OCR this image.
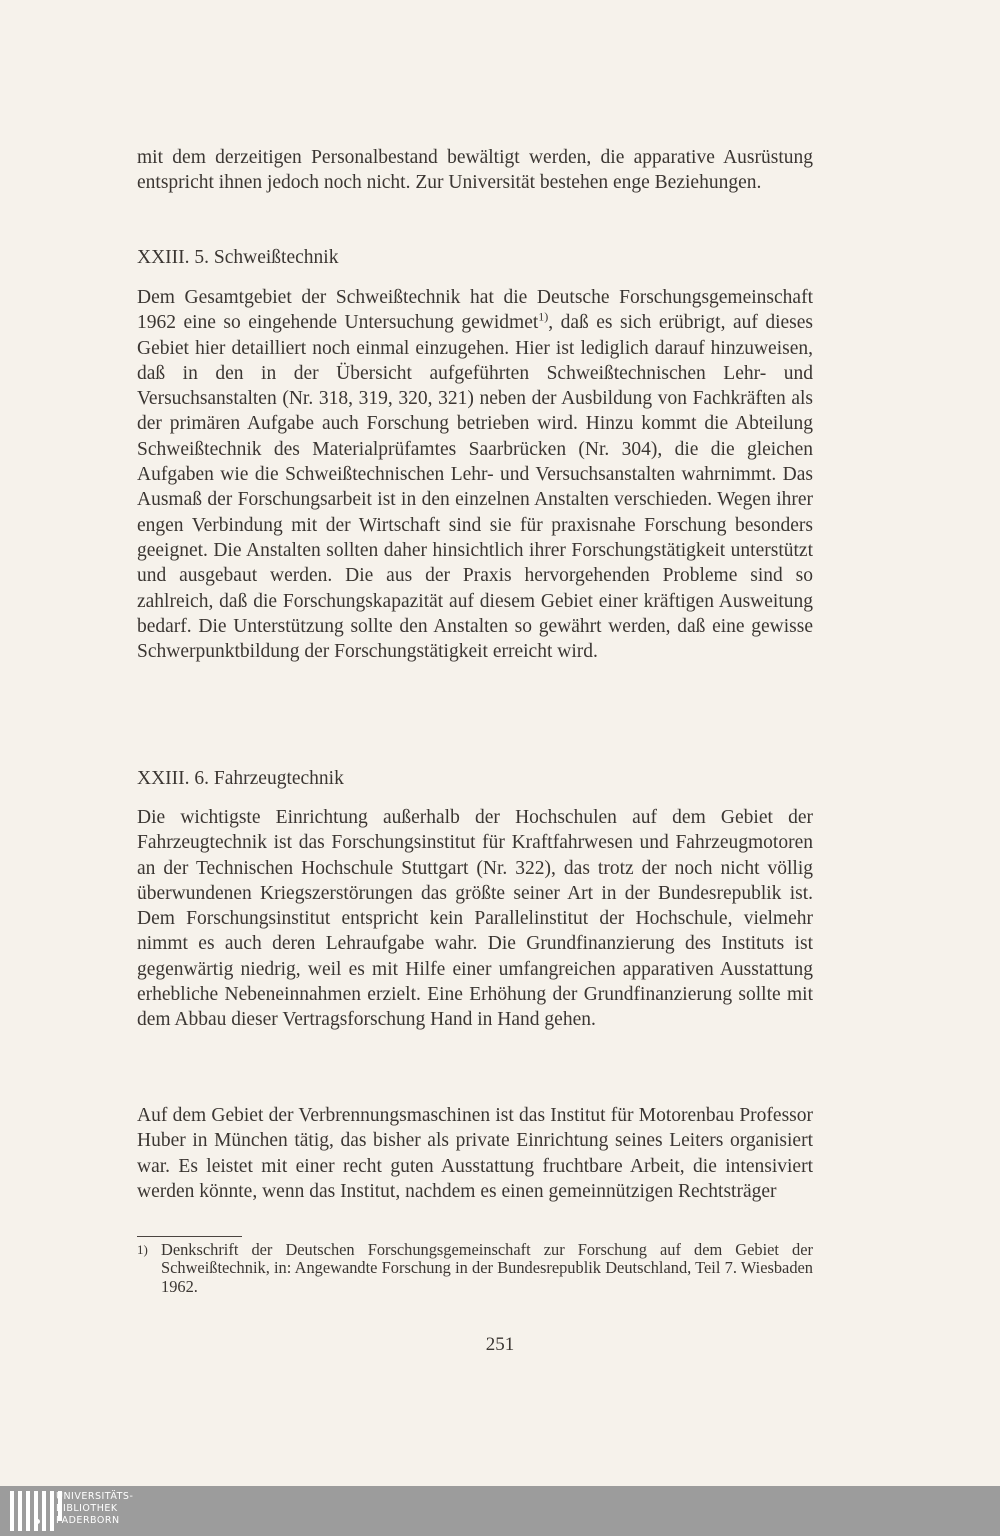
mit dem derzeitigen Personalbestand bewältigt werden, die apparative Ausrüstung entspricht ihnen jedoch noch nicht. Zur Universität bestehen enge Beziehungen.

XXIII. 5. Schweißtechnik

Dem Gesamtgebiet der Schweißtechnik hat die Deutsche Forschungsgemeinschaft 1962 eine so eingehende Untersuchung gewidmet$^{1)}$, daß es sich erübrigt, auf dieses Gebiet hier detailliert noch einmal einzugehen. Hier ist lediglich darauf hinzuweisen, daß in den in der Übersicht aufgeführten Schweißtechnischen Lehr- und Versuchsanstalten (Nr. 318, 319, 320, 321) neben der Ausbildung von Fachkräften als der primären Aufgabe auch Forschung betrieben wird. Hinzu kommt die Abteilung Schweißtechnik des Materialprüfamtes Saarbrücken (Nr. 304), die die gleichen Aufgaben wie die Schweißtechnischen Lehr- und Versuchsanstalten wahrnimmt. Das Ausmaß der Forschungsarbeit ist in den einzelnen Anstalten verschieden. Wegen ihrer engen Verbindung mit der Wirtschaft sind sie für praxisnahe Forschung besonders geeignet. Die Anstalten sollten daher hinsichtlich ihrer Forschungstätigkeit unterstützt und ausgebaut werden. Die aus der Praxis hervorgehenden Probleme sind so zahlreich, daß die Forschungskapazität auf diesem Gebiet einer kräftigen Ausweitung bedarf. Die Unterstützung sollte den Anstalten so gewährt werden, daß eine gewisse Schwerpunktbildung der Forschungstätigkeit erreicht wird.

XXIII. 6. Fahrzeugtechnik

Die wichtigste Einrichtung außerhalb der Hochschulen auf dem Gebiet der Fahrzeugtechnik ist das Forschungsinstitut für Kraftfahrwesen und Fahrzeugmotoren an der Technischen Hochschule Stuttgart (Nr. 322), das trotz der noch nicht völlig überwundenen Kriegszerstörungen das größte seiner Art in der Bundesrepublik ist. Dem Forschungsinstitut entspricht kein Parallelinstitut der Hochschule, vielmehr nimmt es auch deren Lehraufgabe wahr. Die Grundfinanzierung des Instituts ist gegenwärtig niedrig, weil es mit Hilfe einer umfangreichen apparativen Ausstattung erhebliche Nebeneinnahmen erzielt. Eine Erhöhung der Grundfinanzierung sollte mit dem Abbau dieser Vertragsforschung Hand in Hand gehen.

Auf dem Gebiet der Verbrennungsmaschinen ist das Institut für Motorenbau Professor Huber in München tätig, das bisher als private Einrichtung seines Leiters organisiert war. Es leistet mit einer recht guten Ausstattung fruchtbare Arbeit, die intensiviert werden könnte, wenn das Institut, nachdem es einen gemeinnützigen Rechtsträger

1) Denkschrift der Deutschen Forschungsgemeinschaft zur Forschung auf dem Gebiet der Schweißtechnik, in: Angewandte Forschung in der Bundesrepublik Deutschland, Teil 7. Wiesbaden 1962.

251

UNIVERSITÄTS-
BIBLIOTHEK
PADERBORN
